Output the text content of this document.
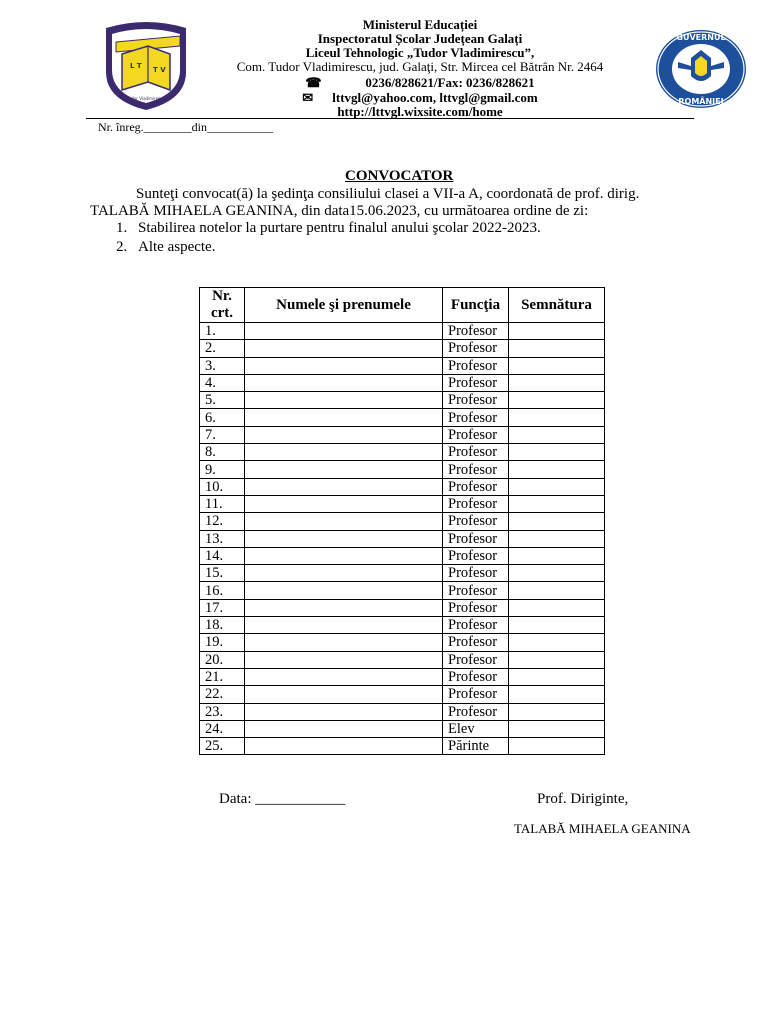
L T T V
Tudor Vladimirescu
GUVERNUL
ROMÂNIEI
Ministerul Educației
Inspectoratul Școlar Județean Galați
Liceul Tehnologic „Tudor Vladimirescu”,
Com. Tudor Vladimirescu, jud. Galaţi, Str. Mircea cel Bătrân Nr. 2464
☎	0236/828621/Fax: 0236/828621
✉ lttvgl@yahoo.com, lttvgl@gmail.com
http://lttvgl.wixsite.com/home
Nr. înreg.________din___________
CONVOCATOR
Sunteţi convocat(ă) la şedinţa consiliului clasei a VII-a A, coordonată de prof. dirig.
TALABĂ MIHAELA GEANINA, din data15.06.2023, cu următoarea ordine de zi:
1. Stabilirea notelor la purtare pentru finalul anului şcolar 2022-2023.
2. Alte aspecte.
Nr. crt.	Numele şi prenumele	Funcţia	Semnătura
1.		Profesor	
2.		Profesor	
3.		Profesor	
4.		Profesor	
5.		Profesor	
6.		Profesor	
7.		Profesor	
8.		Profesor	
9.		Profesor	
10.		Profesor	
11.		Profesor	
12.		Profesor	
13.		Profesor	
14.		Profesor	
15.		Profesor	
16.		Profesor	
17.		Profesor	
18.		Profesor	
19.		Profesor	
20.		Profesor	
21.		Profesor	
22.		Profesor	
23.		Profesor	
24.		Elev	
25.		Părinte	
Data: ____________	Prof. Diriginte,
TALABĂ MIHAELA GEANINA
